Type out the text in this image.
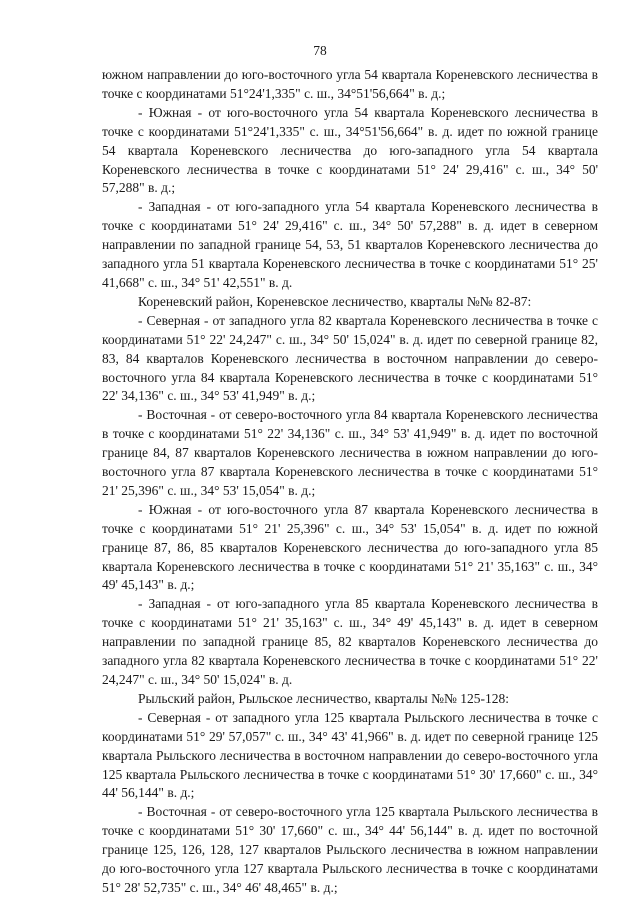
78

южном направлении до юго-восточного угла 54 квартала Кореневского лесничества в точке с координатами 51°24'1,335" с. ш., 34°51'56,664" в. д.;

- Южная - от юго-восточного угла 54 квартала Кореневского лесничества в точке с координатами 51°24'1,335" с. ш., 34°51'56,664" в. д. идет по южной границе 54 квартала Кореневского лесничества до юго-западного угла 54 квартала Кореневского лесничества в точке с координатами 51° 24' 29,416" с. ш., 34° 50' 57,288" в. д.;

- Западная - от юго-западного угла 54 квартала Кореневского лесничества в точке с координатами 51° 24' 29,416" с. ш., 34° 50' 57,288" в. д. идет в северном направлении по западной границе 54, 53, 51 кварталов Кореневского лесничества до западного угла 51 квартала Кореневского лесничества в точке с координатами 51° 25' 41,668" с. ш., 34° 51' 42,551" в. д.

Кореневский район, Кореневское лесничество, кварталы №№ 82-87:

- Северная - от западного угла 82 квартала Кореневского лесничества в точке с координатами 51° 22' 24,247" с. ш., 34° 50' 15,024" в. д. идет по северной границе 82, 83, 84 кварталов Кореневского лесничества в восточном направлении до северо-восточного угла 84 квартала Кореневского лесничества в точке с координатами 51° 22' 34,136" с. ш., 34° 53' 41,949" в. д.;

- Восточная - от северо-восточного угла 84 квартала Кореневского лесничества в точке с координатами 51° 22' 34,136" с. ш., 34° 53' 41,949" в. д. идет по восточной границе 84, 87 кварталов Кореневского лесничества в южном направлении до юго-восточного угла 87 квартала Кореневского лесничества в точке с координатами 51° 21' 25,396" с. ш., 34° 53' 15,054" в. д.;

- Южная - от юго-восточного угла 87 квартала Кореневского лесничества в точке с координатами 51° 21' 25,396" с. ш., 34° 53' 15,054" в. д. идет по южной границе 87, 86, 85 кварталов Кореневского лесничества до юго-западного угла 85 квартала Кореневского лесничества в точке с координатами 51° 21' 35,163" с. ш., 34° 49' 45,143" в. д.;

- Западная - от юго-западного угла 85 квартала Кореневского лесничества в точке с координатами 51° 21' 35,163" с. ш., 34° 49' 45,143" в. д. идет в северном направлении по западной границе 85, 82 кварталов Кореневского лесничества до западного угла 82 квартала Кореневского лесничества в точке с координатами 51° 22' 24,247" с. ш., 34° 50' 15,024" в. д.

Рыльский район, Рыльское лесничество, кварталы №№ 125-128:

- Северная - от западного угла 125 квартала Рыльского лесничества в точке с координатами 51° 29' 57,057" с. ш., 34° 43' 41,966" в. д. идет по северной границе 125 квартала Рыльского лесничества в восточном направлении до северо-восточного угла 125 квартала Рыльского лесничества в точке с координатами 51° 30' 17,660" с. ш., 34° 44' 56,144" в. д.;

- Восточная - от северо-восточного угла 125 квартала Рыльского лесничества в точке с координатами 51° 30' 17,660" с. ш., 34° 44' 56,144" в. д. идет по восточной границе 125, 126, 128, 127 кварталов Рыльского лесничества в южном направлении до юго-восточного угла 127 квартала Рыльского лесничества в точке с координатами 51° 28' 52,735" с. ш., 34° 46' 48,465" в. д.;
